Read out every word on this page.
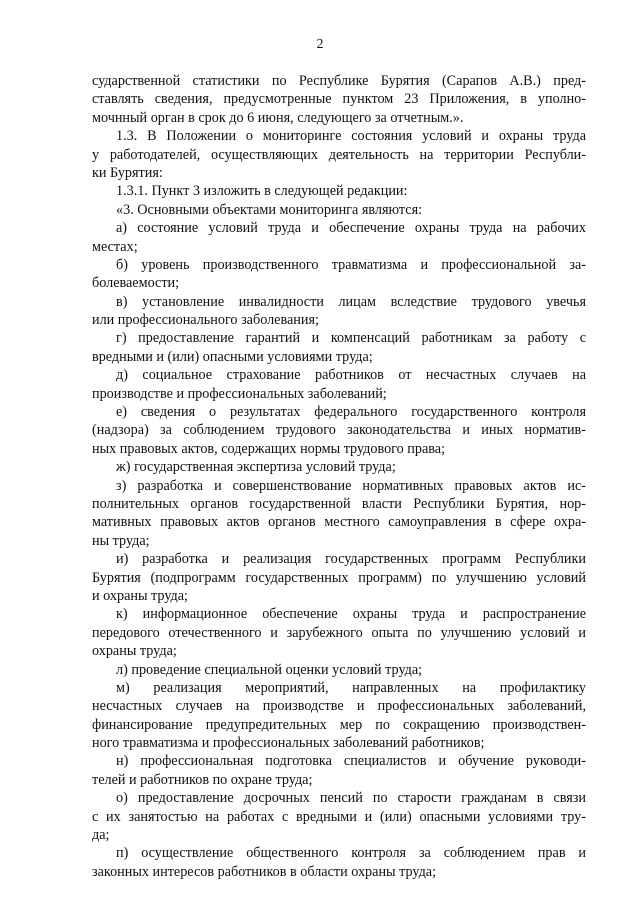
2
сударственной статистики по Республике Бурятия (Сарапов А.В.) пред-
ставлять сведения, предусмотренные пунктом 23 Приложения, в уполно-
мочнный орган в срок до 6 июня, следующего за отчетным.».
1.3. В Положении о мониторинге состояния условий и охраны труда
у работодателей, осуществляющих деятельность на территории Республи-
ки Бурятия:
1.3.1. Пункт 3 изложить в следующей редакции:
«3. Основными объектами мониторинга являются:
а) состояние условий труда и обеспечение охраны труда на рабочих
местах;
б) уровень производственного травматизма и профессиональной за-
болеваемости;
в) установление инвалидности лицам вследствие трудового увечья
или профессионального заболевания;
г) предоставление гарантий и компенсаций работникам за работу с
вредными и (или) опасными условиями труда;
д) социальное страхование работников от несчастных случаев на
производстве и профессиональных заболеваний;
е) сведения о результатах федерального государственного контроля
(надзора) за соблюдением трудового законодательства и иных норматив-
ных правовых актов, содержащих нормы трудового права;
ж) государственная экспертиза условий труда;
з) разработка и совершенствование нормативных правовых актов ис-
полнительных органов государственной власти Республики Бурятия, нор-
мативных правовых актов органов местного самоуправления в сфере охра-
ны труда;
и) разработка и реализация государственных программ Республики
Бурятия (подпрограмм государственных программ) по улучшению условий
и охраны труда;
к) информационное обеспечение охраны труда и распространение
передового отечественного и зарубежного опыта по улучшению условий и
охраны труда;
л) проведение специальной оценки условий труда;
м) реализация мероприятий, направленных на профилактику
несчастных случаев на производстве и профессиональных заболеваний,
финансирование предупредительных мер по сокращению производствен-
ного травматизма и профессиональных заболеваний работников;
н) профессиональная подготовка специалистов и обучение руководи-
телей и работников по охране труда;
о) предоставление досрочных пенсий по старости гражданам в связи
с их занятостью на работах с вредными и (или) опасными условиями тру-
да;
п) осуществление общественного контроля за соблюдением прав и
законных интересов работников в области охраны труда;
